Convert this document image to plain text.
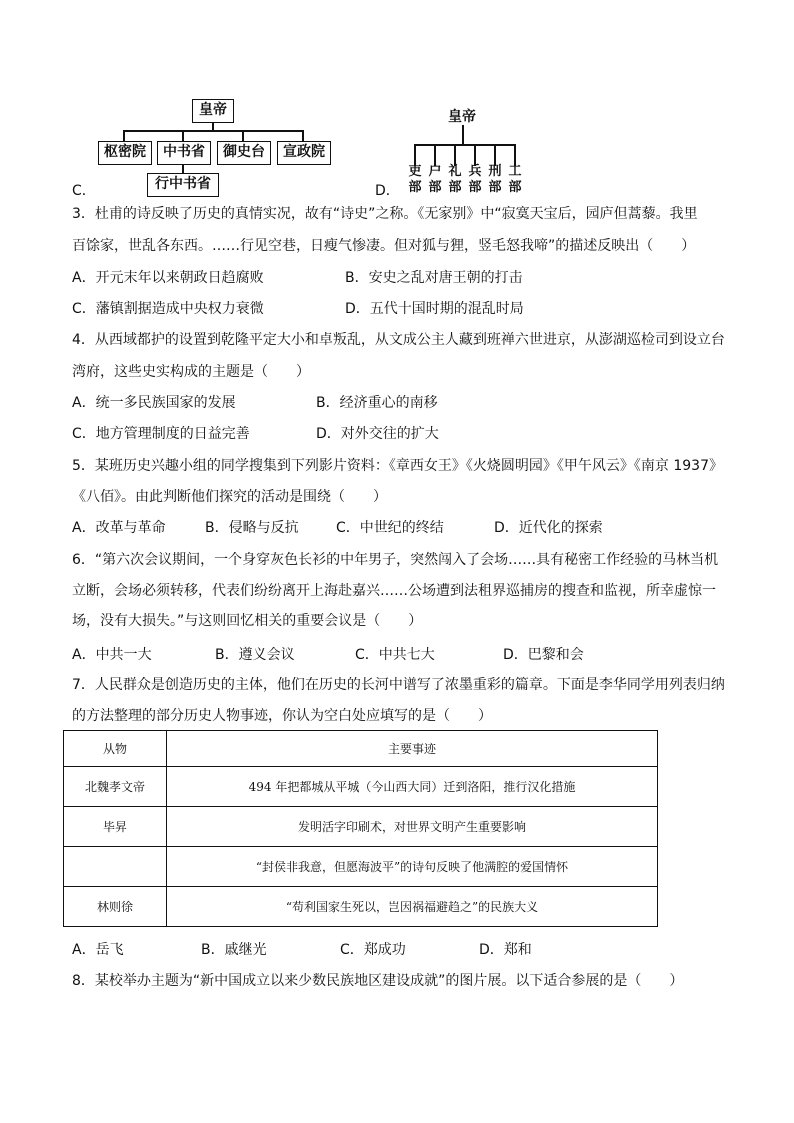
皇帝
枢密院	中书省	御史台	宣政院
行中书省
C．
皇帝
吏部
户部
礼部
兵部
刑部
工部
D．
3．杜甫的诗反映了历史的真情实况，故有“诗史”之称。《无家别》中“寂寞天宝后，园庐但蒿藜。我里
百馀家，世乱各东西。……行见空巷，日瘦气惨凄。但对狐与狸，竖毛怒我啼”的描述反映出（　　）
A．开元末年以来朝政日趋腐败	B．安史之乱对唐王朝的打击
C．藩镇割据造成中央权力衰微	D．五代十国时期的混乱时局
4．从西域都护的设置到乾隆平定大小和卓叛乱，从文成公主人藏到班禅六世进京，从澎湖巡检司到设立台
湾府，这些史实构成的主题是（　　）
A．统一多民族国家的发展	B．经济重心的南移
C．地方管理制度的日益完善	D．对外交往的扩大
5．某班历史兴趣小组的同学搜集到下列影片资料：《章西女王》《火烧圆明园》《甲午风云》《南京 1937》
《八佰》。由此判断他们探究的活动是围绕（　　）
A．改革与革命	B．侵略与反抗	C．中世纪的终结	D．近代化的探索
6．“第六次会议期间，一个身穿灰色长衫的中年男子，突然闯入了会场……具有秘密工作经验的马林当机
立断，会场必须转移，代表们纷纷离开上海赴嘉兴……公场遭到法租界巡捕房的搜查和监视，所幸虚惊一
场，没有大损失。”与这则回忆相关的重要会议是（　　）
A．中共一大	B．遵义会议	C．中共七大	D．巴黎和会
7．人民群众是创造历史的主体，他们在历史的长河中谱写了浓墨重彩的篇章。下面是李华同学用列表归纳
的方法整理的部分历史人物事迹，你认为空白处应填写的是（　　）
从物	主要事迹
北魏孝文帝	494 年把都城从平城（今山西大同）迁到洛阳，推行汉化措施
毕昇	发明活字印刷术，对世界文明产生重要影响
	“封侯非我意，但愿海波平”的诗句反映了他满腔的爱国情怀
林则徐	“苟利国家生死以，岂因祸福避趋之”的民族大义
A．岳飞	B．戚继光	C．郑成功	D．郑和
8．某校举办主题为“新中国成立以来少数民族地区建设成就”的图片展。以下适合参展的是（　　）
